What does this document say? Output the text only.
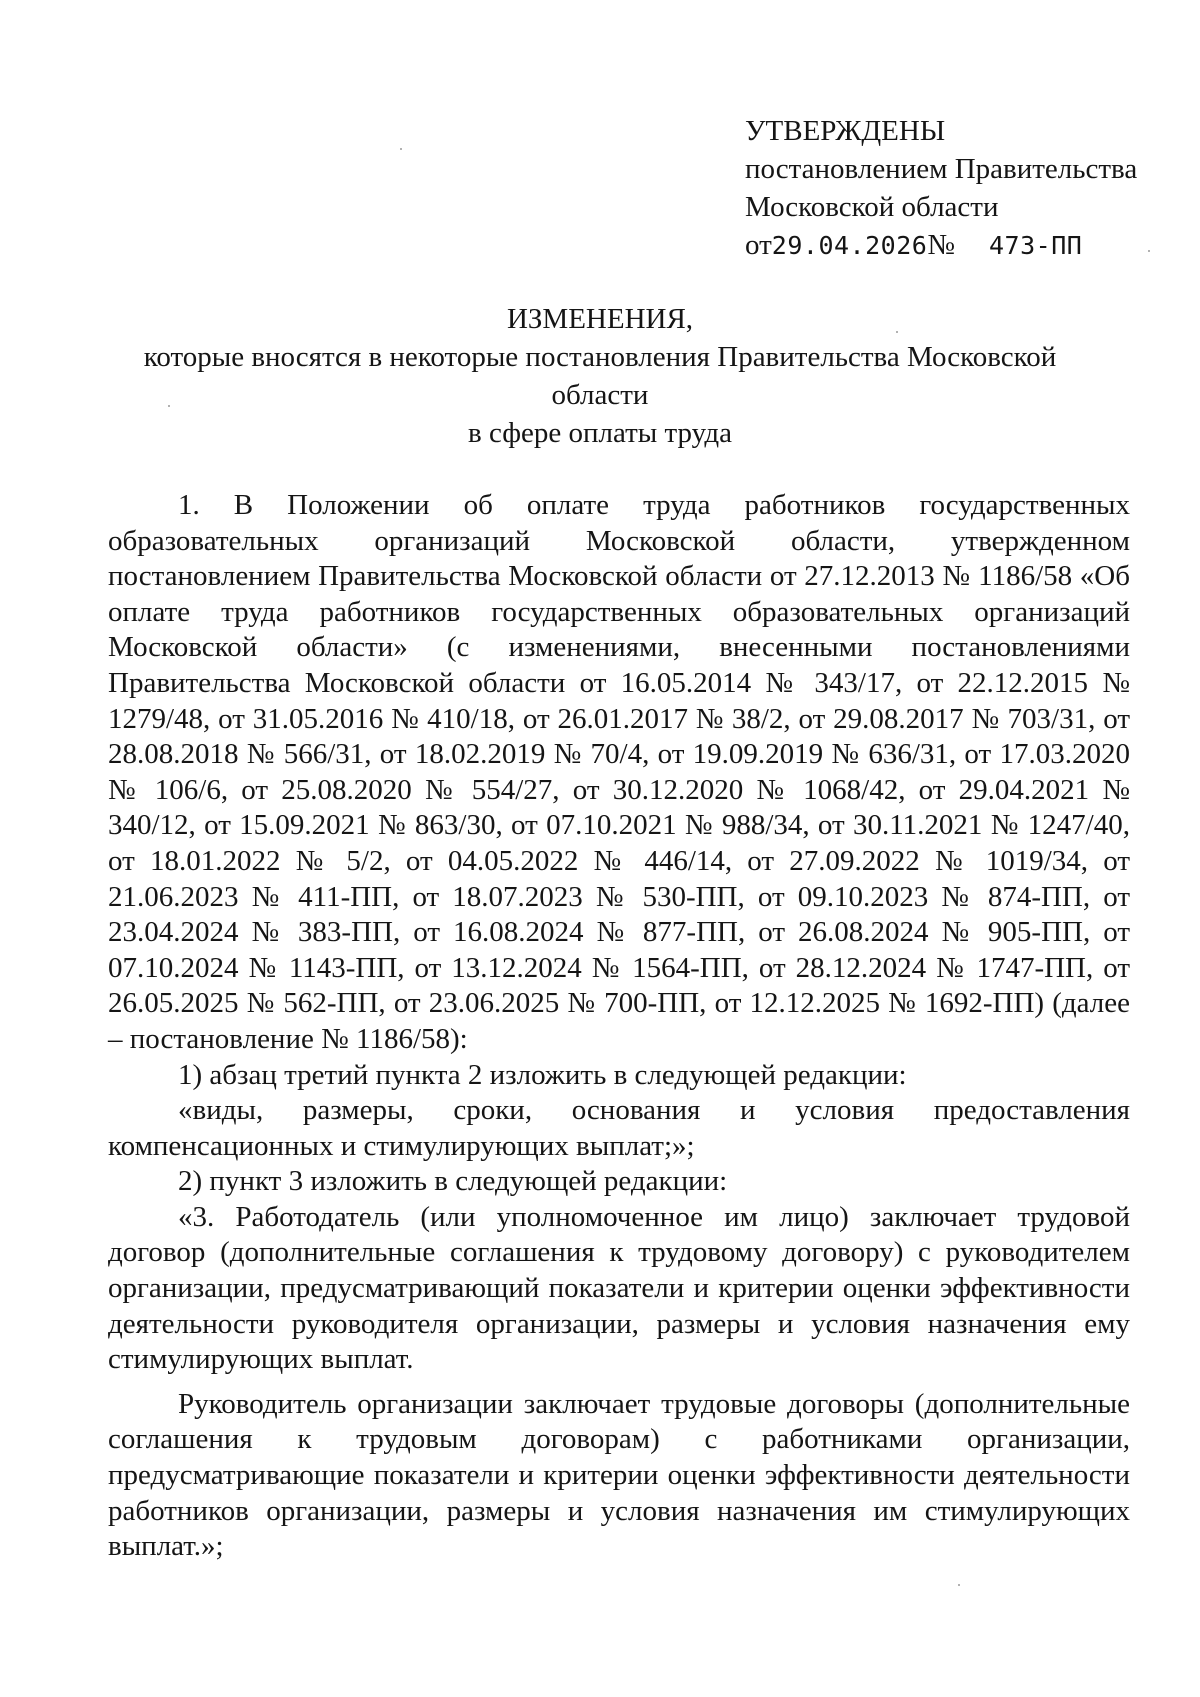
УТВЕРЖДЕНЫ
постановлением Правительства
Московской области
от29.04.2026№ 473-ПП
ИЗМЕНЕНИЯ,
которые вносятся в некоторые постановления Правительства Московской области
в сфере оплаты труда

1. В Положении об оплате труда работников государственных образовательных организаций Московской области, утвержденном постановлением Правительства Московской области от 27.12.2013 № 1186/58 «Об оплате труда работников государственных образовательных организаций Московской области» (с изменениями, внесенными постановлениями Правительства Московской области от 16.05.2014 № 343/17, от 22.12.2015 № 1279/48, от 31.05.2016 № 410/18, от 26.01.2017 № 38/2, от 29.08.2017 № 703/31, от 28.08.2018 № 566/31, от 18.02.2019 № 70/4, от 19.09.2019 № 636/31, от 17.03.2020 № 106/6, от 25.08.2020 № 554/27, от 30.12.2020 № 1068/42, от 29.04.2021 № 340/12, от 15.09.2021 № 863/30, от 07.10.2021 № 988/34, от 30.11.2021 № 1247/40, от 18.01.2022 № 5/2, от 04.05.2022 № 446/14, от 27.09.2022 № 1019/34, от 21.06.2023 № 411-ПП, от 18.07.2023 № 530-ПП, от 09.10.2023 № 874-ПП, от 23.04.2024 № 383-ПП, от 16.08.2024 № 877-ПП, от 26.08.2024 № 905-ПП, от 07.10.2024 № 1143-ПП, от 13.12.2024 № 1564-ПП, от 28.12.2024 № 1747-ПП, от 26.05.2025 № 562-ПП, от 23.06.2025 № 700-ПП, от 12.12.2025 № 1692-ПП) (далее – постановление № 1186/58):

1) абзац третий пункта 2 изложить в следующей редакции:

«виды, размеры, сроки, основания и условия предоставления компенсационных и стимулирующих выплат;»;

2) пункт 3 изложить в следующей редакции:

«3. Работодатель (или уполномоченное им лицо) заключает трудовой договор (дополнительные соглашения к трудовому договору) с руководителем организации, предусматривающий показатели и критерии оценки эффективности деятельности руководителя организации, размеры и условия назначения ему стимулирующих выплат.

Руководитель организации заключает трудовые договоры (дополнительные соглашения к трудовым договорам) с работниками организации, предусматривающие показатели и критерии оценки эффективности деятельности работников организации, размеры и условия назначения им стимулирующих выплат.»;
